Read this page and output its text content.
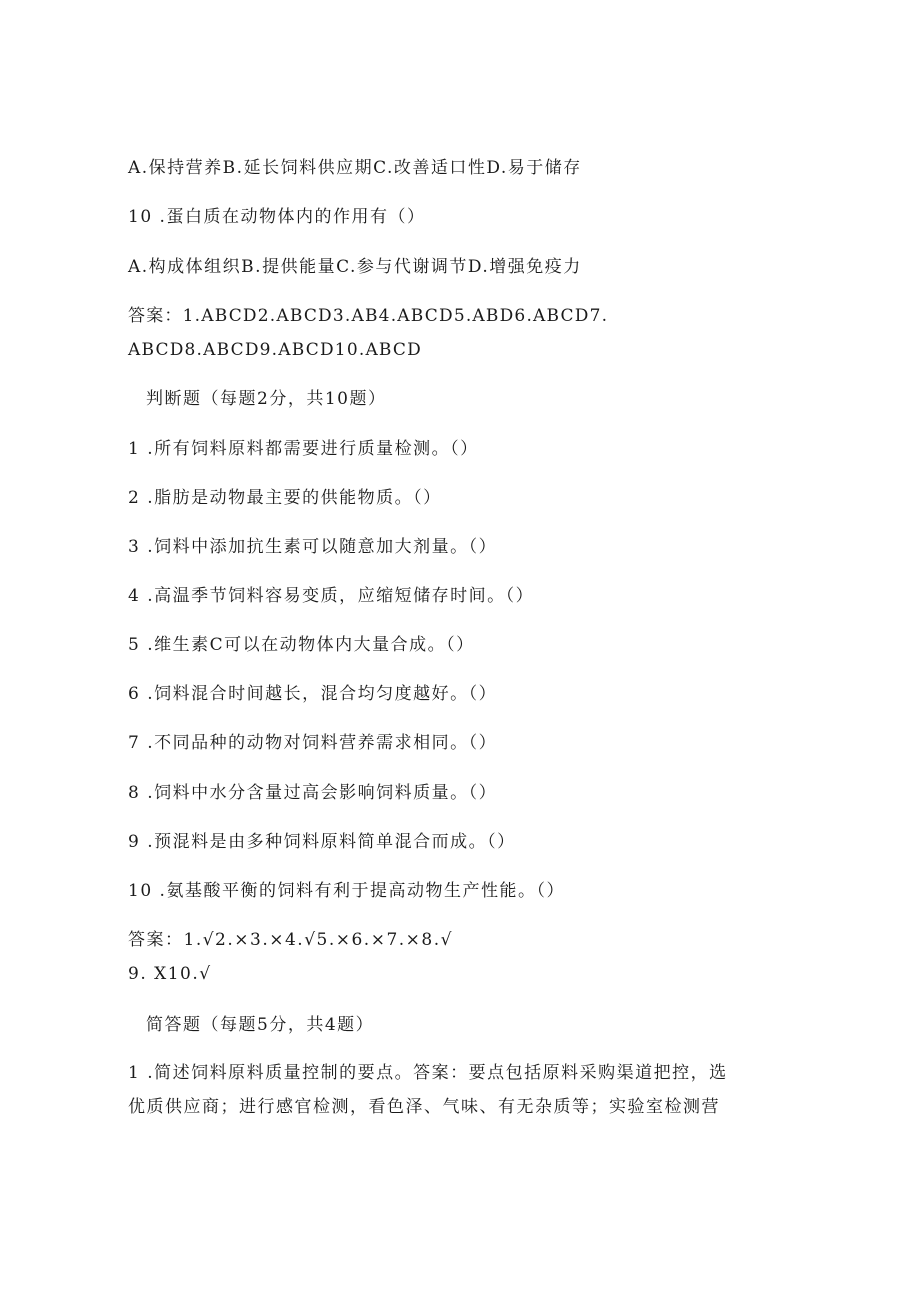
A.保持营养B.延长饲料供应期C.改善适口性D.易于储存
10 .蛋白质在动物体内的作用有（）
A.构成体组织B.提供能量C.参与代谢调节D.增强免疫力
答案：1.ABCD2.ABCD3.AB4.ABCD5.ABD6.ABCD7.
ABCD8.ABCD9.ABCD10.ABCD
判断题（每题2分，共10题）
1 .所有饲料原料都需要进行质量检测。（）
2 .脂肪是动物最主要的供能物质。（）
3 .饲料中添加抗生素可以随意加大剂量。（）
4 .高温季节饲料容易变质，应缩短储存时间。（）
5 .维生素C可以在动物体内大量合成。（）
6 .饲料混合时间越长，混合均匀度越好。（）
7 .不同品种的动物对饲料营养需求相同。（）
8 .饲料中水分含量过高会影响饲料质量。（）
9 .预混料是由多种饲料原料简单混合而成。（）
10 .氨基酸平衡的饲料有利于提高动物生产性能。（）
答案：1.√2.×3.×4.√5.×6.×7.×8.√
9. X10.√
简答题（每题5分，共4题）
1 .简述饲料原料质量控制的要点。答案：要点包括原料采购渠道把控，选
优质供应商；进行感官检测，看色泽、气味、有无杂质等；实验室检测营
